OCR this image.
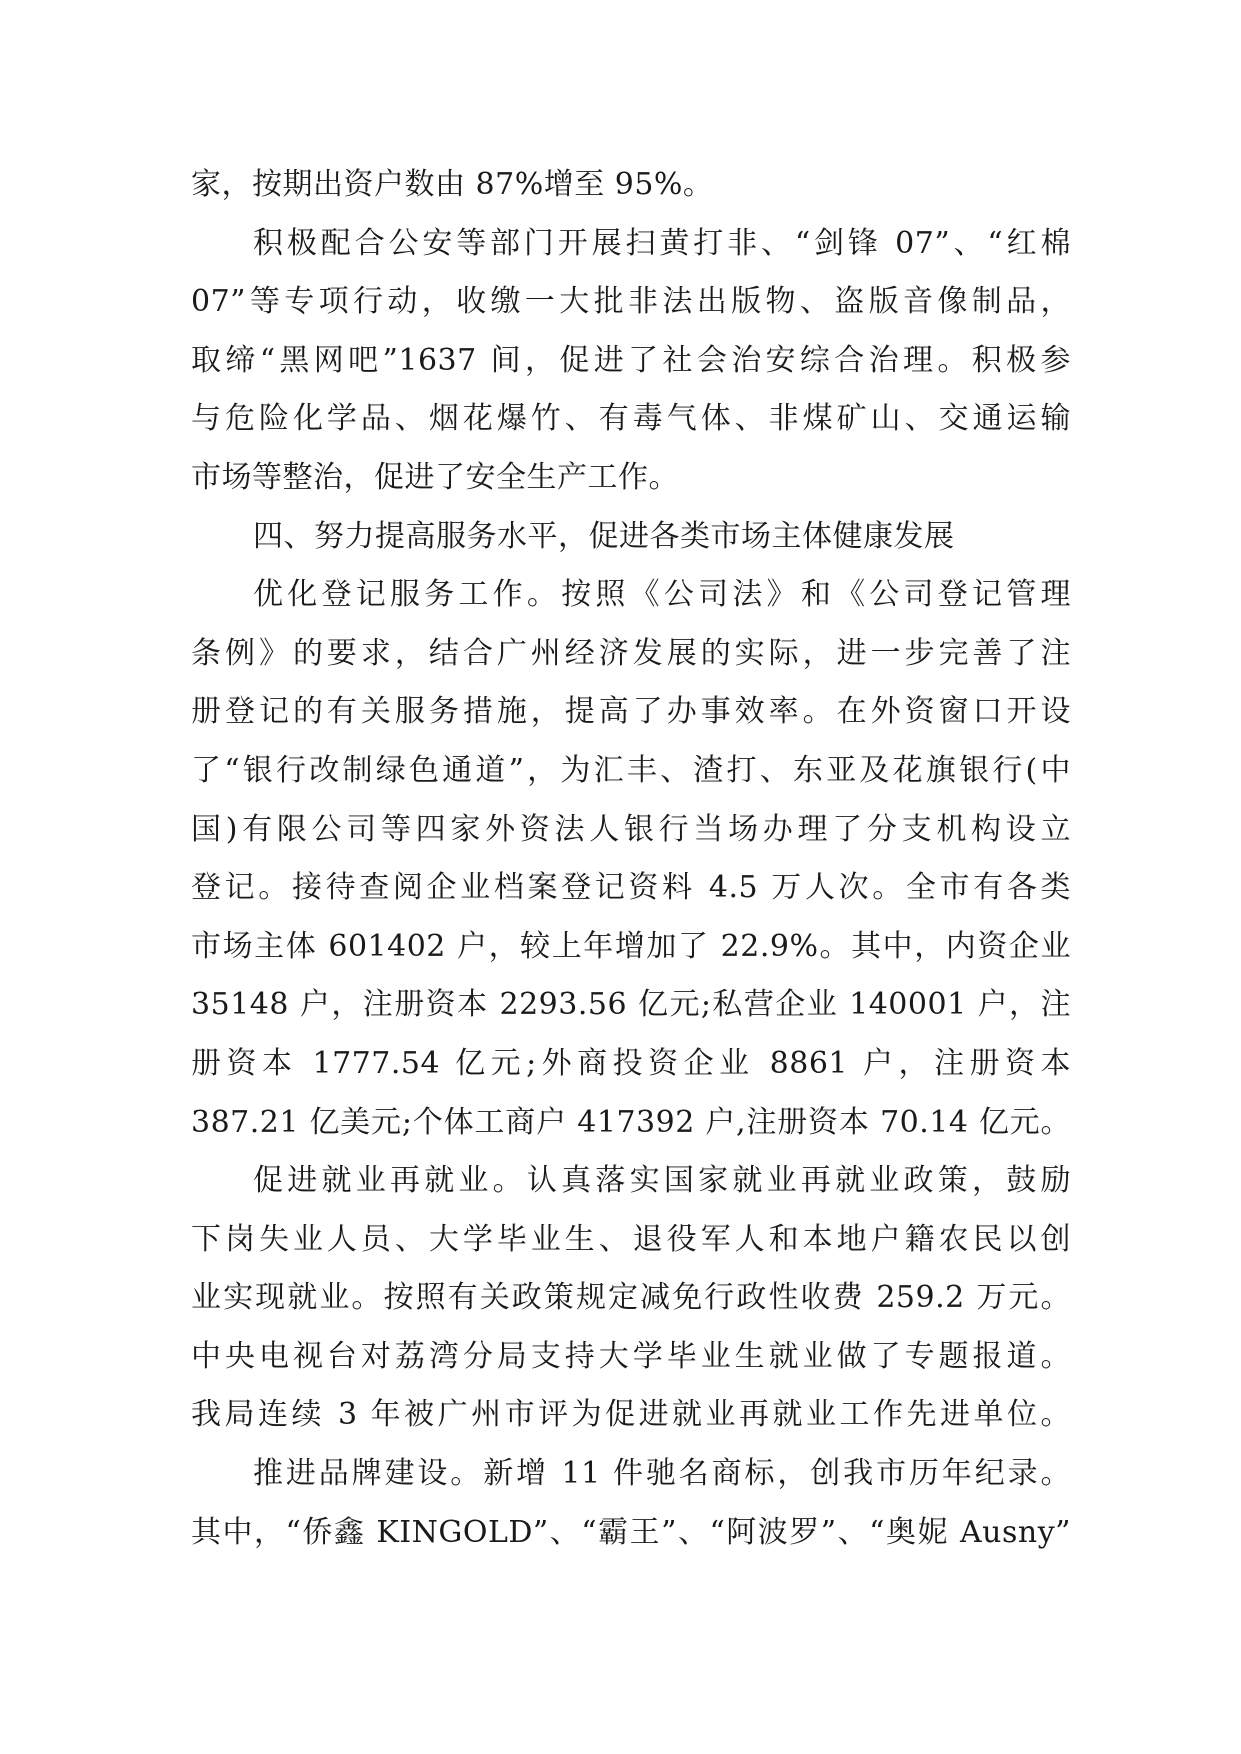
家，按期出资户数由 87%增至 95%。
积极配合公安等部门开展扫黄打非、“剑锋 07”、“红棉
07”等专项行动，收缴一大批非法出版物、盗版音像制品，
取缔“黑网吧”1637 间，促进了社会治安综合治理。积极参
与危险化学品、烟花爆竹、有毒气体、非煤矿山、交通运输
市场等整治，促进了安全生产工作。
四、努力提高服务水平，促进各类市场主体健康发展
优化登记服务工作。按照《公司法》和《公司登记管理
条例》的要求，结合广州经济发展的实际，进一步完善了注
册登记的有关服务措施，提高了办事效率。在外资窗口开设
了“银行改制绿色通道”，为汇丰、渣打、东亚及花旗银行(中
国)有限公司等四家外资法人银行当场办理了分支机构设立
登记。接待查阅企业档案登记资料 4.5 万人次。全市有各类
市场主体 601402 户，较上年增加了 22.9%。其中，内资企业
35148 户，注册资本 2293.56 亿元;私营企业 140001 户，注
册资本 1777.54 亿元;外商投资企业 8861 户，注册资本
387.21 亿美元;个体工商户 417392 户,注册资本 70.14 亿元。
促进就业再就业。认真落实国家就业再就业政策，鼓励
下岗失业人员、大学毕业生、退役军人和本地户籍农民以创
业实现就业。按照有关政策规定减免行政性收费 259.2 万元。
中央电视台对荔湾分局支持大学毕业生就业做了专题报道。
我局连续 3 年被广州市评为促进就业再就业工作先进单位。
推进品牌建设。新增 11 件驰名商标，创我市历年纪录。
其中，“侨鑫 KINGOLD”、“霸王”、“阿波罗”、“奥妮 Ausny”
